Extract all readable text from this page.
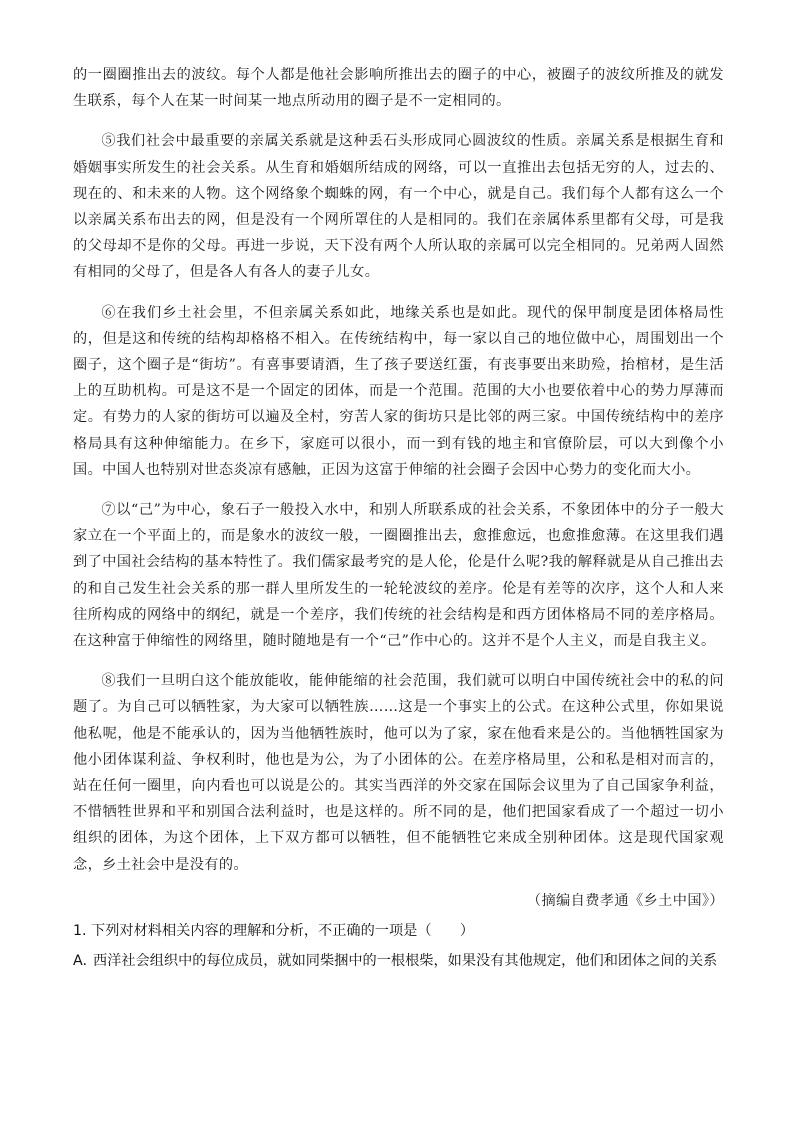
的一圈圈推出去的波纹。每个人都是他社会影响所推出去的圈子的中心，被圈子的波纹所推及的就发生联系，每个人在某一时间某一地点所动用的圈子是不一定相同的。

⑤我们社会中最重要的亲属关系就是这种丢石头形成同心圆波纹的性质。亲属关系是根据生育和婚姻事实所发生的社会关系。从生育和婚姻所结成的网络，可以一直推出去包括无穷的人，过去的、现在的、和未来的人物。这个网络象个蜘蛛的网，有一个中心，就是自己。我们每个人都有这么一个以亲属关系布出去的网，但是没有一个网所罩住的人是相同的。我们在亲属体系里都有父母，可是我的父母却不是你的父母。再进一步说，天下没有两个人所认取的亲属可以完全相同的。兄弟两人固然有相同的父母了，但是各人有各人的妻子儿女。

⑥在我们乡土社会里，不但亲属关系如此，地缘关系也是如此。现代的保甲制度是团体格局性的，但是这和传统的结构却格格不相入。在传统结构中，每一家以自己的地位做中心，周围划出一个圈子，这个圈子是“街坊”。有喜事要请酒，生了孩子要送红蛋，有丧事要出来助殓，抬棺材，是生活上的互助机构。可是这不是一个固定的团体，而是一个范围。范围的大小也要依着中心的势力厚薄而定。有势力的人家的街坊可以遍及全村，穷苦人家的街坊只是比邻的两三家。中国传统结构中的差序格局具有这种伸缩能力。在乡下，家庭可以很小，而一到有钱的地主和官僚阶层，可以大到像个小国。中国人也特别对世态炎凉有感触，正因为这富于伸缩的社会圈子会因中心势力的变化而大小。

⑦以“己”为中心，象石子一般投入水中，和别人所联系成的社会关系，不象团体中的分子一般大家立在一个平面上的，而是象水的波纹一般，一圈圈推出去，愈推愈远，也愈推愈薄。在这里我们遇到了中国社会结构的基本特性了。我们儒家最考究的是人伦，伦是什么呢?我的解释就是从自己推出去的和自己发生社会关系的那一群人里所发生的一轮轮波纹的差序。伦是有差等的次序，这个人和人来往所构成的网络中的纲纪，就是一个差序，我们传统的社会结构是和西方团体格局不同的差序格局。在这种富于伸缩性的网络里，随时随地是有一个“己”作中心的。这并不是个人主义，而是自我主义。

⑧我们一旦明白这个能放能收，能伸能缩的社会范围，我们就可以明白中国传统社会中的私的问题了。为自己可以牺牲家，为大家可以牺牲族……这是一个事实上的公式。在这种公式里，你如果说他私呢，他是不能承认的，因为当他牺牲族时，他可以为了家，家在他看来是公的。当他牺牲国家为他小团体谋利益、争权利时，他也是为公，为了小团体的公。在差序格局里，公和私是相对而言的，站在任何一圈里，向内看也可以说是公的。其实当西洋的外交家在国际会议里为了自己国家争利益，不惜牺牲世界和平和别国合法利益时，也是这样的。所不同的是，他们把国家看成了一个超过一切小组织的团体，为这个团体，上下双方都可以牺牲，但不能牺牲它来成全别种团体。这是现代国家观念，乡土社会中是没有的。

（摘编自费孝通《乡土中国》）

1. 下列对材料相关内容的理解和分析，不正确的一项是（　　）

A. 西洋社会组织中的每位成员，就如同柴捆中的一根根柴，如果没有其他规定，他们和团体之间的关系
